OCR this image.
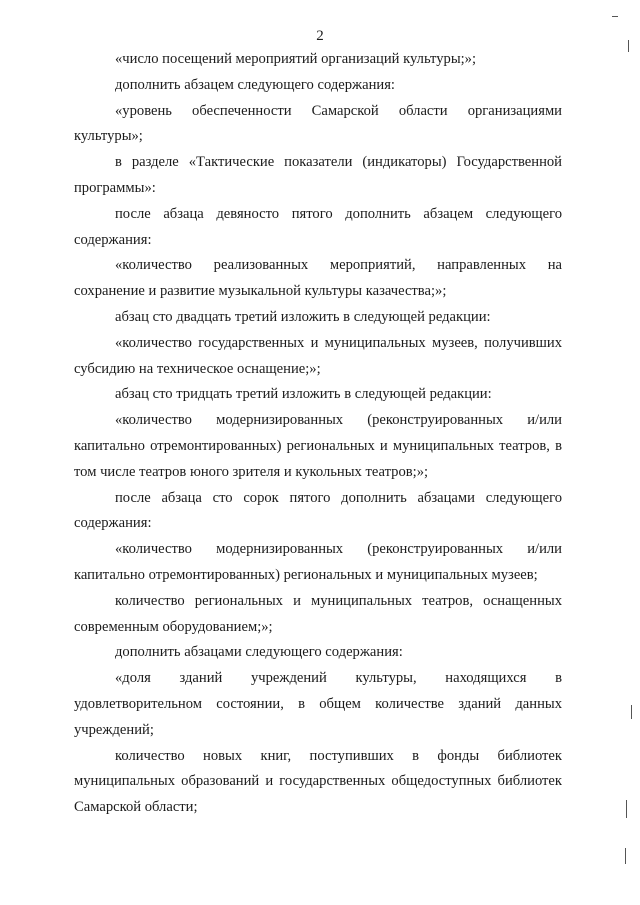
2

«число посещений мероприятий организаций культуры;»;

дополнить абзацем следующего содержания:

«уровень обеспеченности Самарской области организациями культуры»;

в разделе «Тактические показатели (индикаторы) Государственной программы»:

после абзаца девяносто пятого дополнить абзацем следующего содержания:

«количество реализованных мероприятий, направленных на сохранение и развитие музыкальной культуры казачества;»;

абзац сто двадцать третий изложить в следующей редакции:

«количество государственных и муниципальных музеев, получивших субсидию на техническое оснащение;»;

абзац сто тридцать третий изложить в следующей редакции:

«количество модернизированных (реконструированных и/или капитально отремонтированных) региональных и муниципальных театров, в том числе театров юного зрителя и кукольных театров;»;

после абзаца сто сорок пятого дополнить абзацами следующего содержания:

«количество модернизированных (реконструированных и/или капитально отремонтированных) региональных и муниципальных музеев;

количество региональных и муниципальных театров, оснащенных современным оборудованием;»;

дополнить абзацами следующего содержания:

«доля зданий учреждений культуры, находящихся в удовлетворительном состоянии, в общем количестве зданий данных учреждений;

количество новых книг, поступивших в фонды библиотек муниципальных образований и государственных общедоступных библиотек Самарской области;
